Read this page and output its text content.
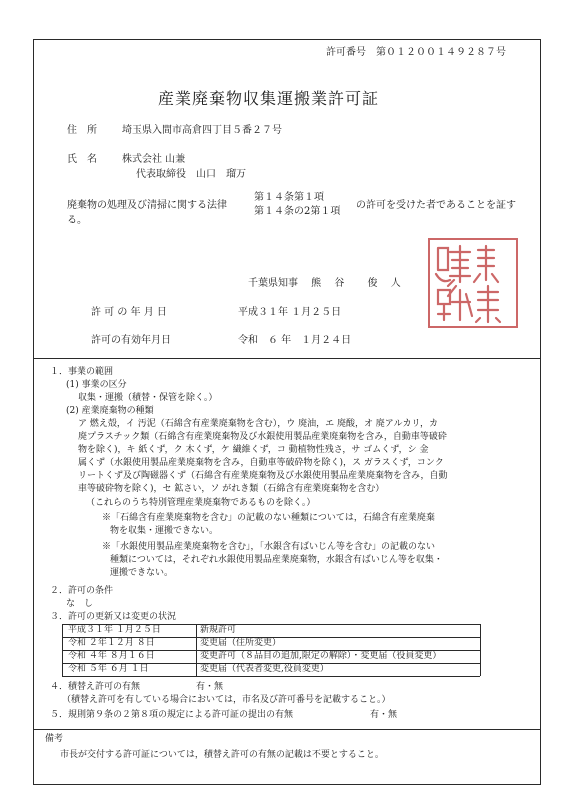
許可番号　第０１２００１４９２８７号
産業廃棄物収集運搬業許可証
住　所	埼玉県入間市高倉四丁目５番２７号
氏　名	株式会社 山兼
代表取締役　山口　瑠万
廃棄物の処理及び清掃に関する法律
第１４条第１項
第１４条の2第１項
の許可を受けた者であることを証す
る。
千葉県知事　 熊　 谷　　 俊　 人
許 可 の 年 月 日	平成３１年 １月２５日
許可の有効年月日	令和　６ 年　１月２４日
１．事業の範囲
(1) 事業の区分
収集・運搬（積替・保管を除く。）
(2) 産業廃棄物の種類
ア 燃え殻，イ 汚泥（石綿含有産業廃棄物を含む），ウ 廃油，エ 廃酸，オ 廃アルカリ，カ
廃プラスチック類（石綿含有産業廃棄物及び水銀使用製品産業廃棄物を含み，自動車等破砕
物を除く)，キ 紙くず，ク 木くず，ケ 繊維くず，コ 動植物性残さ，サ ゴムくず，シ 金
属くず（水銀使用製品産業廃棄物を含み，自動車等破砕物を除く)，ス ガラスくず，コンク
リートくず及び陶磁器くず（石綿含有産業廃棄物及び水銀使用製品産業廃棄物を含み，自動
車等破砕物を除く)，セ 鉱さい，ソ がれき類（石綿含有産業廃棄物を含む）
（これらのうち特別管理産業廃棄物であるものを除く。）
※「石綿含有産業廃棄物を含む」の記載のない種類については，石綿含有産業廃棄
物を収集・運搬できない。
※「水銀使用製品産業廃棄物を含む」，「水銀含有ばいじん等を含む」の記載のない
種類については，それぞれ水銀使用製品産業廃棄物，水銀含有ばいじん等を収集・
運搬できない。
２．許可の条件
な　し
３．許可の更新又は変更の状況
平成３１年 １月２５日	新規許可
令和 ２年１２月 ８日	変更届（住所変更）
令和 ４年 ８月１６日	変更許可（８品目の追加,限定の解除）・変更届（役員変更）
令和 ５年 ６月 １日	変更届（代表者変更,役員変更）
４．積替え許可の有無	有・無
（積替え許可を有している場合においては，市名及び許可番号を記載すること。）
５．規則第９条の２第８項の規定による許可証の提出の有無	有・無
備考
市長が交付する許可証については，積替え許可の有無の記載は不要とすること。
